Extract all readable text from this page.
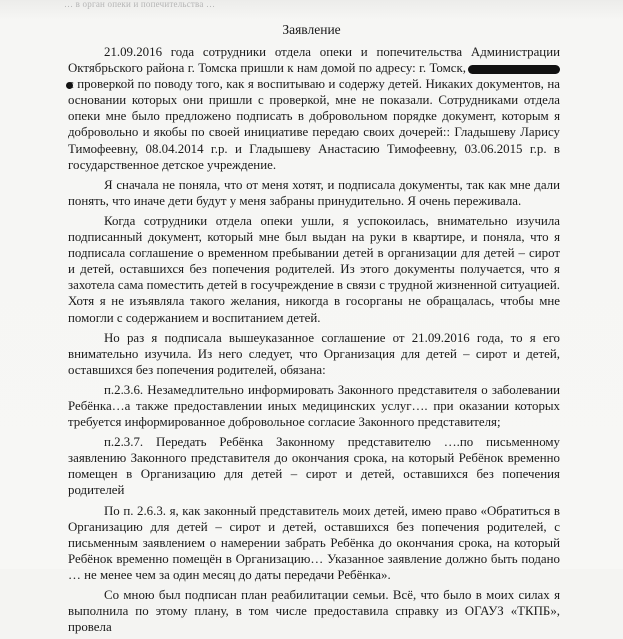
… в орган опеки и попечительства …
Заявление

21.09.2016 года сотрудники отдела опеки и попечительства Администрации Октябрьского района г. Томска пришли к нам домой по адресу: г. Томск, с проверкой по поводу того, как я воспитываю и содержу детей. Никаких документов, на основании которых они пришли с проверкой, мне не показали. Сотрудниками отдела опеки мне было предложено подписать в добровольном порядке документ, которым я добровольно и якобы по своей инициативе передаю своих дочерей:: Гладышеву Ларису Тимофеевну, 08.04.2014 г.р. и Гладышеву Анастасию Тимофеевну, 03.06.2015 г.р. в государственное детское учреждение.

Я сначала не поняла, что от меня хотят, и подписала документы, так как мне дали понять, что иначе дети будут у меня забраны принудительно. Я очень переживала.

Когда сотрудники отдела опеки ушли, я успокоилась, внимательно изучила подписанный документ, который мне был выдан на руки в квартире, и поняла, что я подписала соглашение о временном пребывании детей в организации для детей – сирот и детей, оставшихся без попечения родителей. Из этого документы получается, что я захотела сама поместить детей в госучреждение в связи с трудной жизненной ситуацией. Хотя я не изъявляла такого желания, никогда в госорганы не обращалась, чтобы мне помогли с содержанием и воспитанием детей.

Но раз я подписала вышеуказанное соглашение от 21.09.2016 года, то я его внимательно изучила. Из него следует, что Организация для детей – сирот и детей, оставшихся без попечения родителей, обязана:

п.2.3.6. Незамедлительно информировать Законного представителя о заболевании Ребёнка…а также предоставлении иных медицинских услуг…. при оказании которых требуется информированное добровольное согласие Законного представителя;

п.2.3.7. Передать Ребёнка Законному представителю ….по письменному заявлению Законного представителя до окончания срока, на который Ребёнок временно помещен в Организацию для детей – сирот и детей, оставшихся без попечения родителей

По п. 2.6.3. я, как законный представитель моих детей, имею право «Обратиться в Организацию для детей – сирот и детей, оставшихся без попечения родителей, с письменным заявлением о намерении забрать Ребёнка до окончания срока, на который Ребёнок временно помещён в Организацию… Указанное заявление должно быть подано … не менее чем за один месяц до даты передачи Ребёнка».

Со мною был подписан план реабилитации семьи. Всё, что было в моих силах я выполнила по этому плану, в том числе предоставила справку из ОГАУЗ «ТКПБ», провела
